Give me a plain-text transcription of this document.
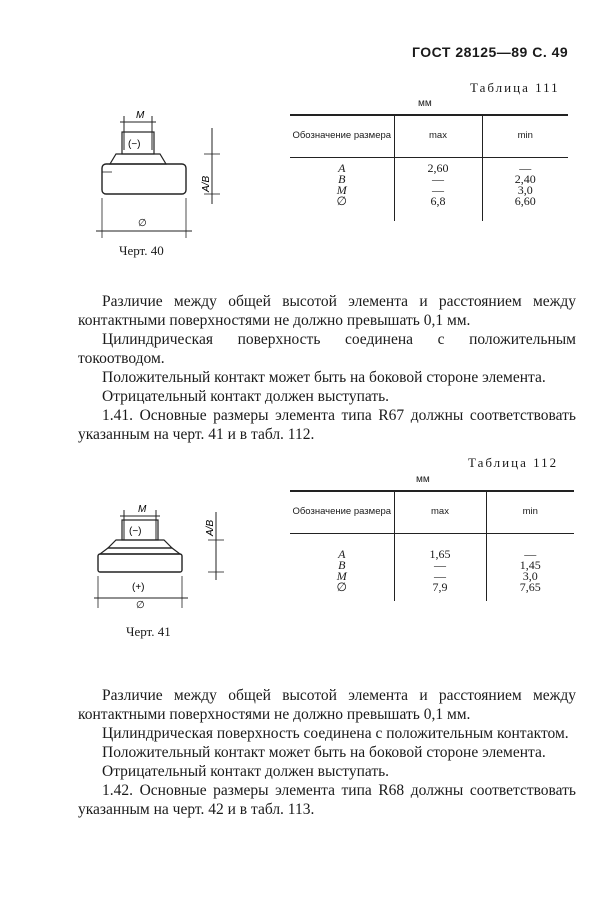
ГОСТ 28125—89 С. 49
M
(−)
A/B
∅
Черт. 40
Таблица 111
мм
Обозначение размера	max	min

A	2,60	—
B	—	2,40
M	—	3,0
∅	6,8	6,60

Различие между общей высотой элемента и расстоянием между контактными поверхностями не должно превышать 0,1 мм.

Цилиндрическая поверхность соединена с положительным токоотводом.

Положительный контакт может быть на боковой стороне элемента.

Отрицательный контакт должен выступать.

1.41. Основные размеры элемента типа R67 должны соответствовать указанным на черт. 41 и в табл. 112.

Таблица 112
мм
Обозначение размера	max	min

A	1,65	—
B	—	1,45
M	—	3,0
∅	7,9	7,65

M
(−)	A/B
(+)
∅
Черт. 41

Различие между общей высотой элемента и расстоянием между контактными поверхностями не должно превышать 0,1 мм.

Цилиндрическая поверхность соединена с положительным контактом.

Положительный контакт может быть на боковой стороне элемента.

Отрицательный контакт должен выступать.

1.42. Основные размеры элемента типа R68 должны соответствовать указанным на черт. 42 и в табл. 113.
